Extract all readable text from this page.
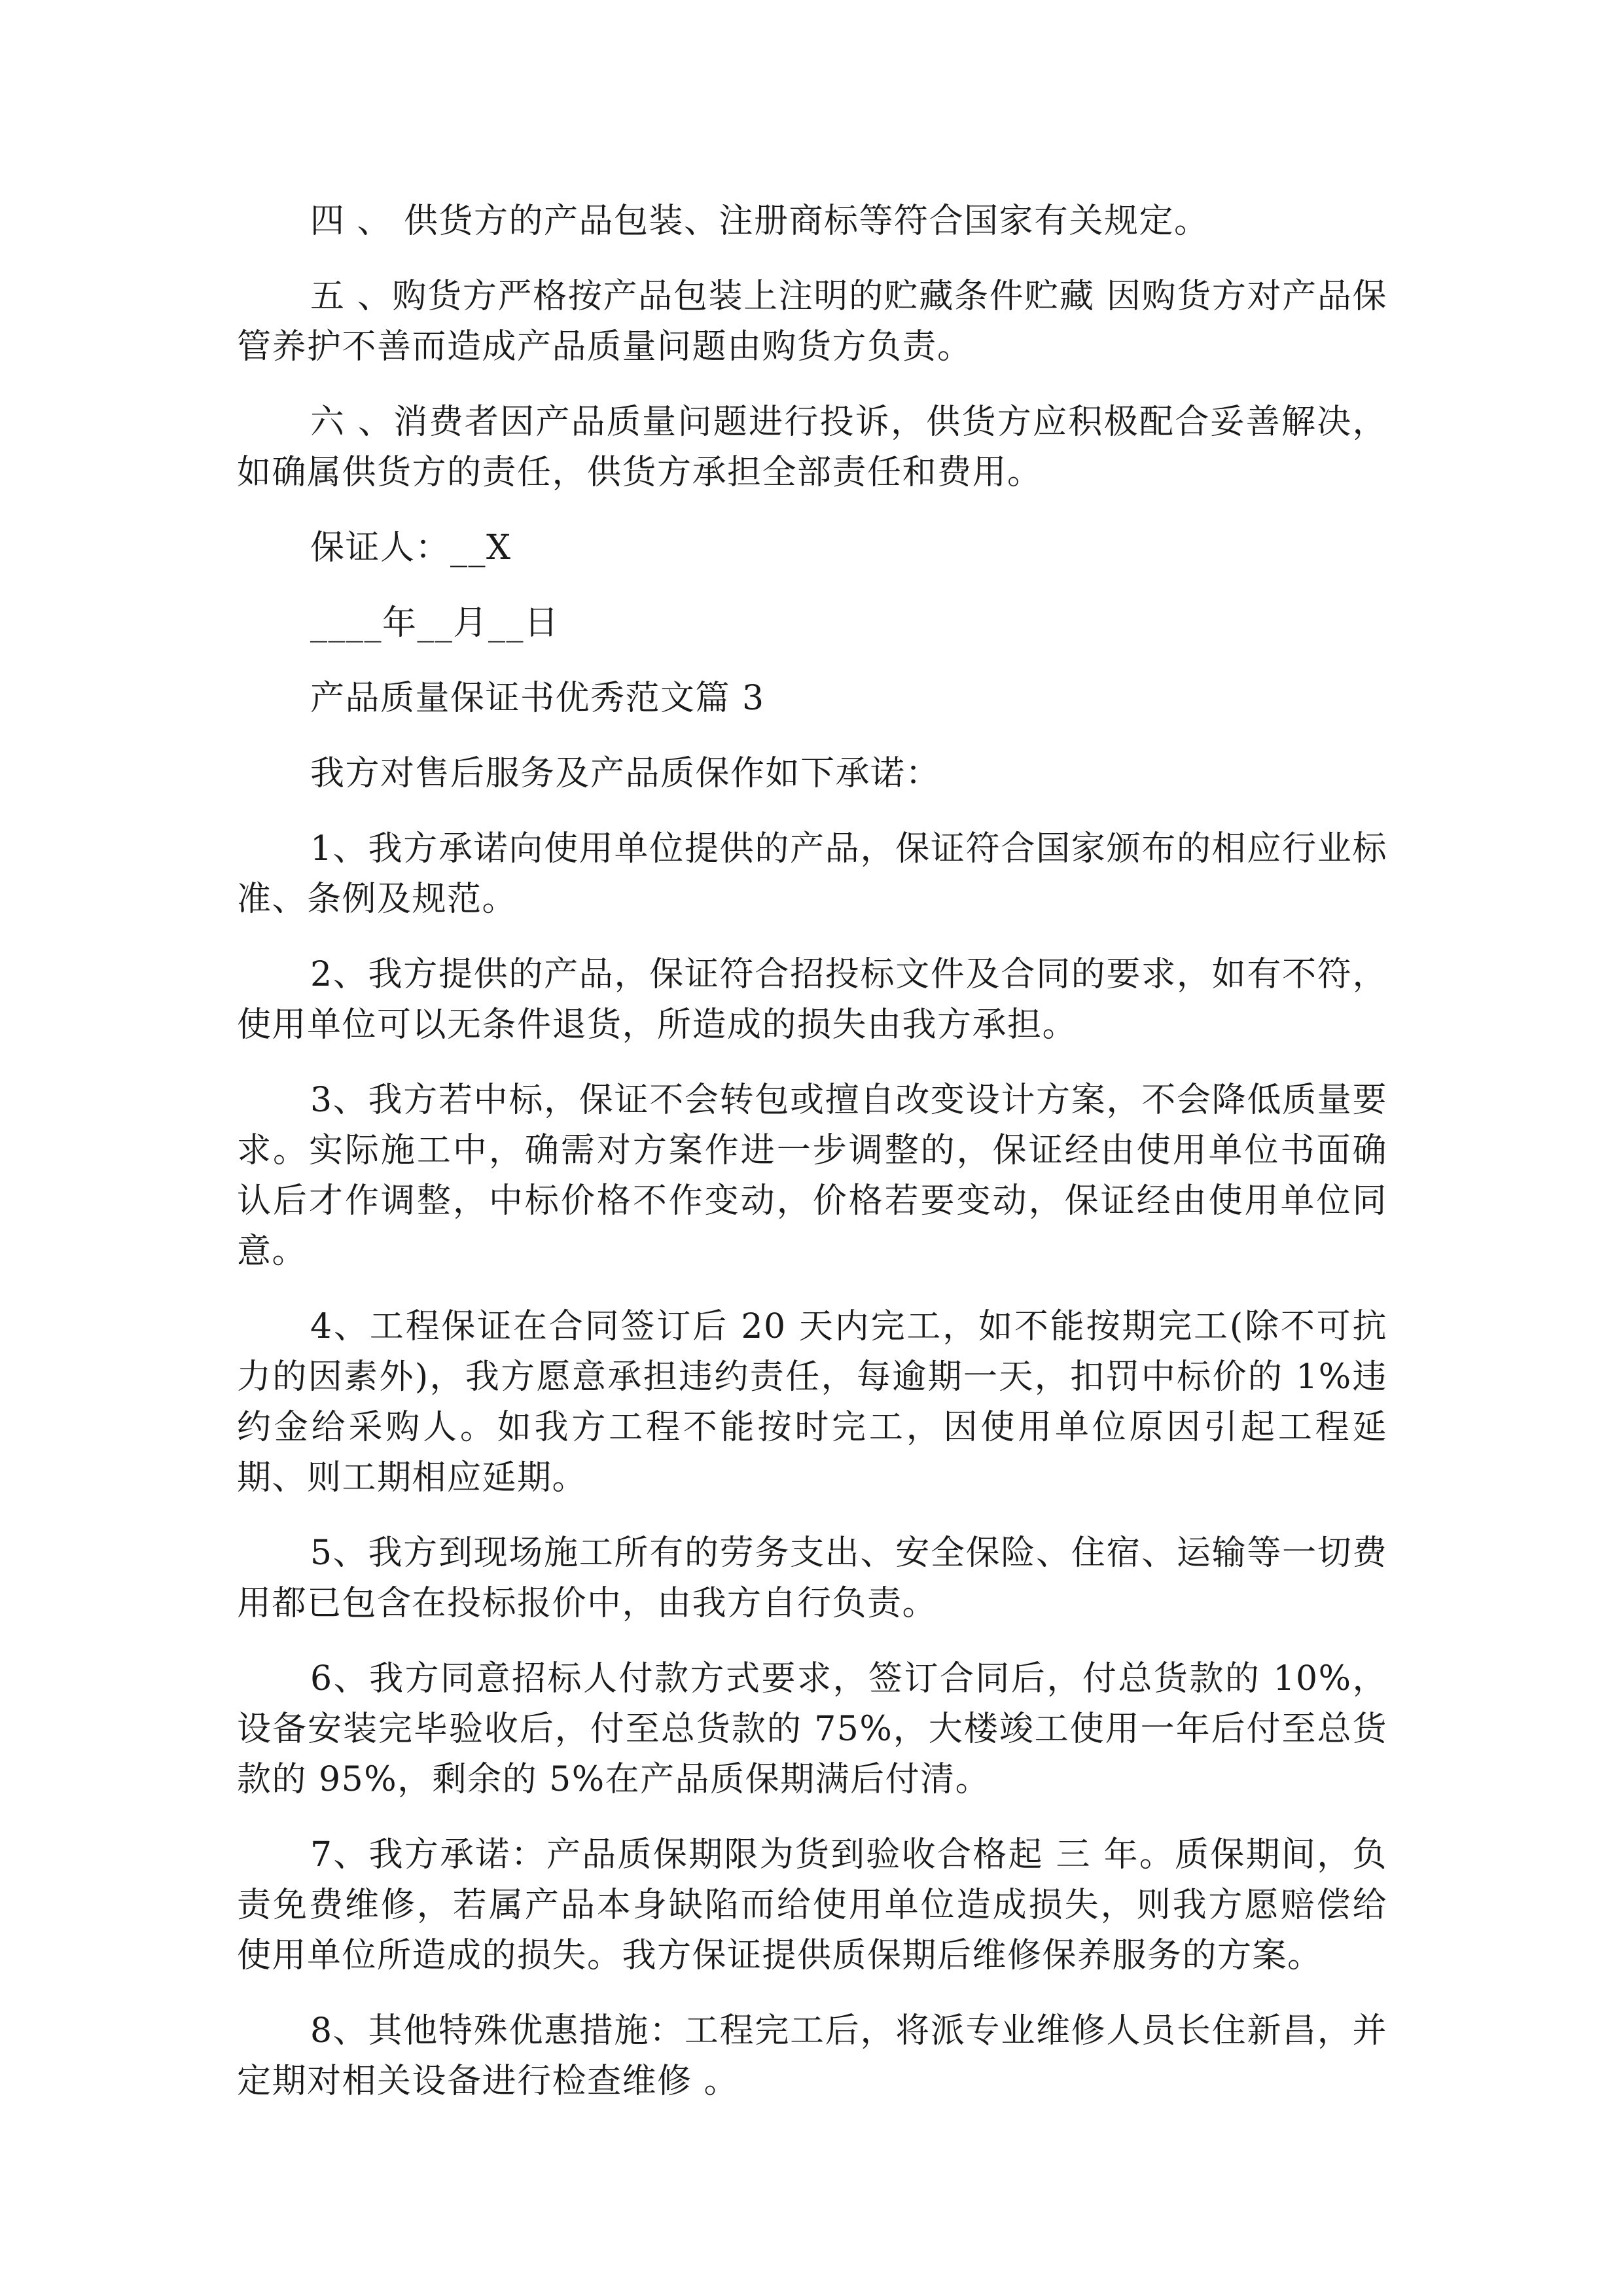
四 、 供货方的产品包装、注册商标等符合国家有关规定。

五 、购货方严格按产品包装上注明的贮藏条件贮藏 因购货方对产品保管养护不善而造成产品质量问题由购货方负责。

六 、消费者因产品质量问题进行投诉，供货方应积极配合妥善解决，如确属供货方的责任，供货方承担全部责任和费用。

保证人：__X

____年__月__日

产品质量保证书优秀范文篇 3

我方对售后服务及产品质保作如下承诺：

1、我方承诺向使用单位提供的产品，保证符合国家颁布的相应行业标准、条例及规范。

2、我方提供的产品，保证符合招投标文件及合同的要求，如有不符，使用单位可以无条件退货，所造成的损失由我方承担。

3、我方若中标，保证不会转包或擅自改变设计方案，不会降低质量要求。实际施工中，确需对方案作进一步调整的，保证经由使用单位书面确认后才作调整，中标价格不作变动，价格若要变动，保证经由使用单位同意。

4、工程保证在合同签订后 20 天内完工，如不能按期完工(除不可抗力的因素外)，我方愿意承担违约责任，每逾期一天，扣罚中标价的 1%违约金给采购人。如我方工程不能按时完工，因使用单位原因引起工程延期、则工期相应延期。

5、我方到现场施工所有的劳务支出、安全保险、住宿、运输等一切费用都已包含在投标报价中，由我方自行负责。

6、我方同意招标人付款方式要求，签订合同后，付总货款的 10%，设备安装完毕验收后，付至总货款的 75%，大楼竣工使用一年后付至总货款的 95%，剩余的 5%在产品质保期满后付清。

7、我方承诺：产品质保期限为货到验收合格起 三 年。质保期间，负责免费维修，若属产品本身缺陷而给使用单位造成损失，则我方愿赔偿给使用单位所造成的损失。我方保证提供质保期后维修保养服务的方案。

8、其他特殊优惠措施：工程完工后，将派专业维修人员长住新昌，并定期对相关设备进行检查维修 。
